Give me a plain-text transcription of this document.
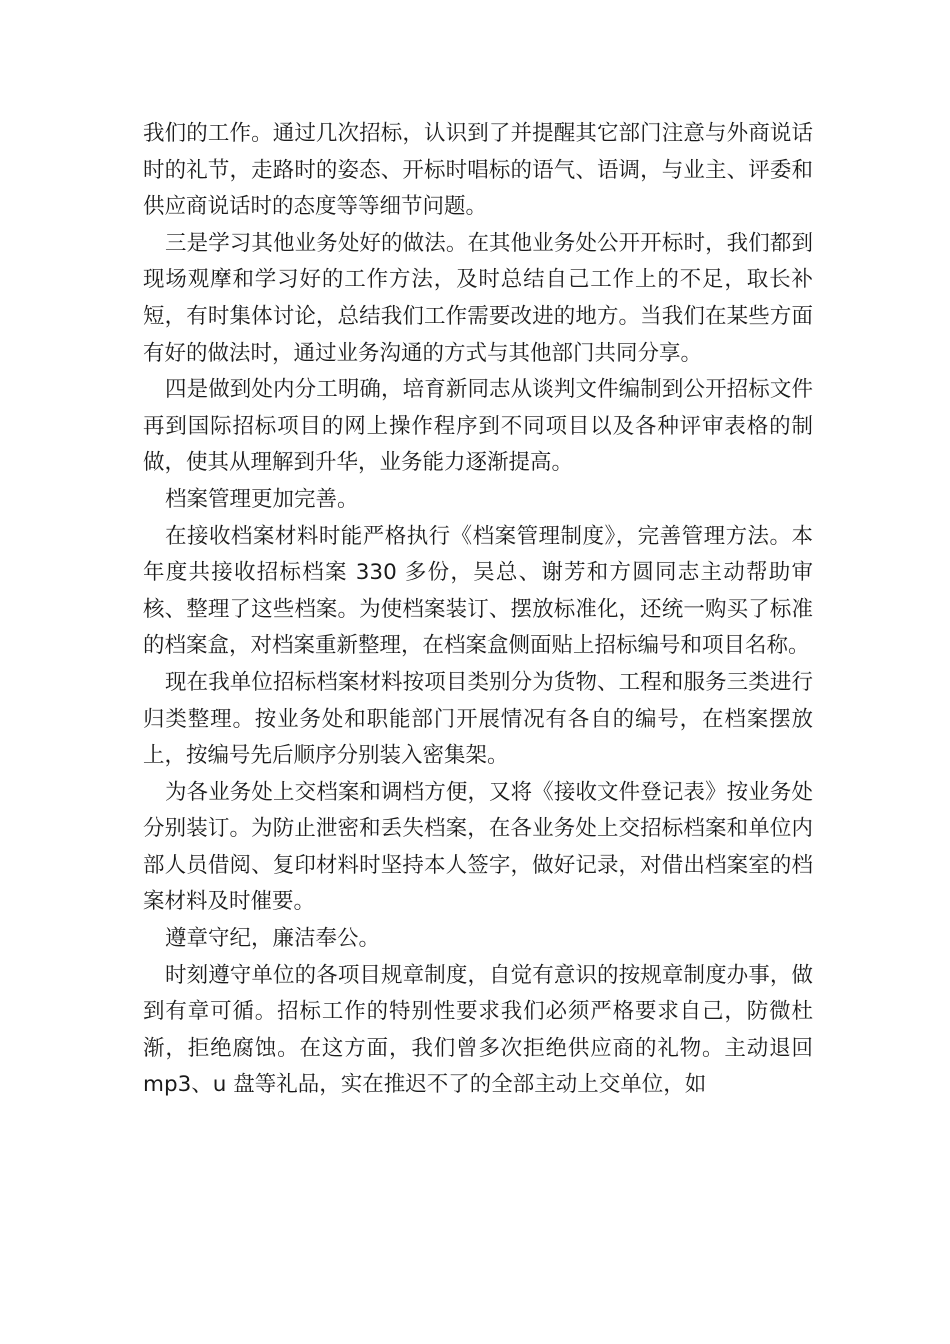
我们的工作。通过几次招标，认识到了并提醒其它部门注意与外商说话时的礼节，走路时的姿态、开标时唱标的语气、语调，与业主、评委和供应商说话时的态度等等细节问题。

三是学习其他业务处好的做法。在其他业务处公开开标时，我们都到现场观摩和学习好的工作方法，及时总结自己工作上的不足，取长补短，有时集体讨论，总结我们工作需要改进的地方。当我们在某些方面有好的做法时，通过业务沟通的方式与其他部门共同分享。

四是做到处内分工明确，培育新同志从谈判文件编制到公开招标文件再到国际招标项目的网上操作程序到不同项目以及各种评审表格的制做，使其从理解到升华，业务能力逐渐提高。

档案管理更加完善。

在接收档案材料时能严格执行《档案管理制度》，完善管理方法。本年度共接收招标档案 330 多份，吴总、谢芳和方圆同志主动帮助审核、整理了这些档案。为使档案装订、摆放标准化，还统一购买了标准的档案盒，对档案重新整理，在档案盒侧面贴上招标编号和项目名称。

现在我单位招标档案材料按项目类别分为货物、工程和服务三类进行归类整理。按业务处和职能部门开展情况有各自的编号，在档案摆放上，按编号先后顺序分别装入密集架。

为各业务处上交档案和调档方便，又将《接收文件登记表》按业务处分别装订。为防止泄密和丢失档案，在各业务处上交招标档案和单位内部人员借阅、复印材料时坚持本人签字，做好记录，对借出档案室的档案材料及时催要。

遵章守纪，廉洁奉公。

时刻遵守单位的各项目规章制度，自觉有意识的按规章制度办事，做到有章可循。招标工作的特别性要求我们必须严格要求自己，防微杜渐，拒绝腐蚀。在这方面，我们曾多次拒绝供应商的礼物。主动退回 mp3、u 盘等礼品，实在推迟不了的全部主动上交单位，如
